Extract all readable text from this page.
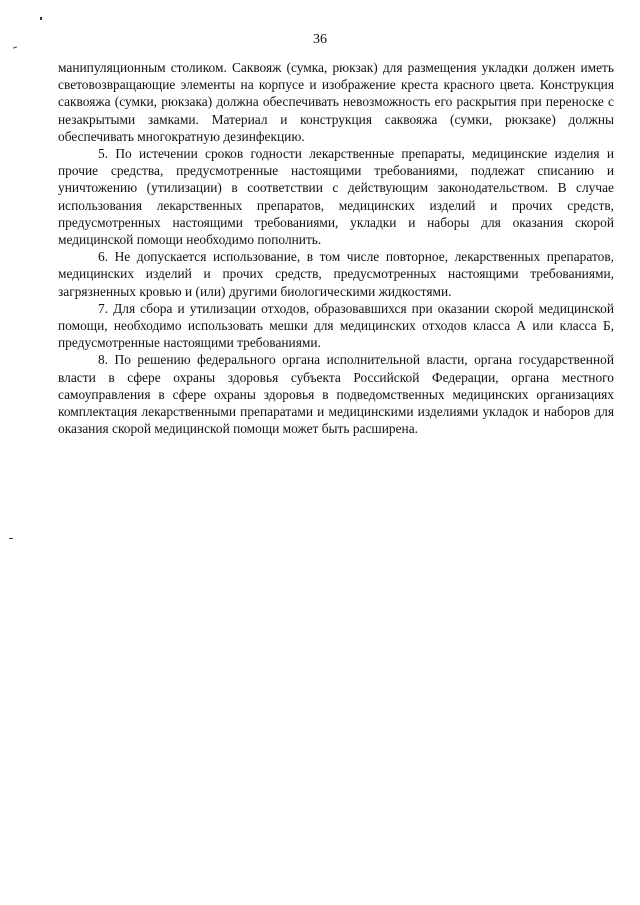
36

манипуляционным столиком. Саквояж (сумка, рюкзак) для размещения укладки должен иметь световозвращающие элементы на корпусе и изображение креста красного цвета. Конструкция саквояжа (сумки, рюкзака) должна обеспечивать невозможность его раскрытия при переноске с незакрытыми замками. Материал и конструкция саквояжа (сумки, рюкзаке) должны обеспечивать многократную дезинфекцию.

5. По истечении сроков годности лекарственные препараты, медицинские изделия и прочие средства, предусмотренные настоящими требованиями, подлежат списанию и уничтожению (утилизации) в соответствии с действующим законодательством. В случае использования лекарственных препаратов, медицинских изделий и прочих средств, предусмотренных настоящими требованиями, укладки и наборы для оказания скорой медицинской помощи необходимо пополнить.

6. Не допускается использование, в том числе повторное, лекарственных препаратов, медицинских изделий и прочих средств, предусмотренных настоящими требованиями, загрязненных кровью и (или) другими биологическими жидкостями.

7. Для сбора и утилизации отходов, образовавшихся при оказании скорой медицинской помощи, необходимо использовать мешки для медицинских отходов класса А или класса Б, предусмотренные настоящими требованиями.

8. По решению федерального органа исполнительной власти, органа государственной власти в сфере охраны здоровья субъекта Российской Федерации, органа местного самоуправления в сфере охраны здоровья в подведомственных медицинских организациях комплектация лекарственными препаратами и медицинскими изделиями укладок и наборов для оказания скорой медицинской помощи может быть расширена.
